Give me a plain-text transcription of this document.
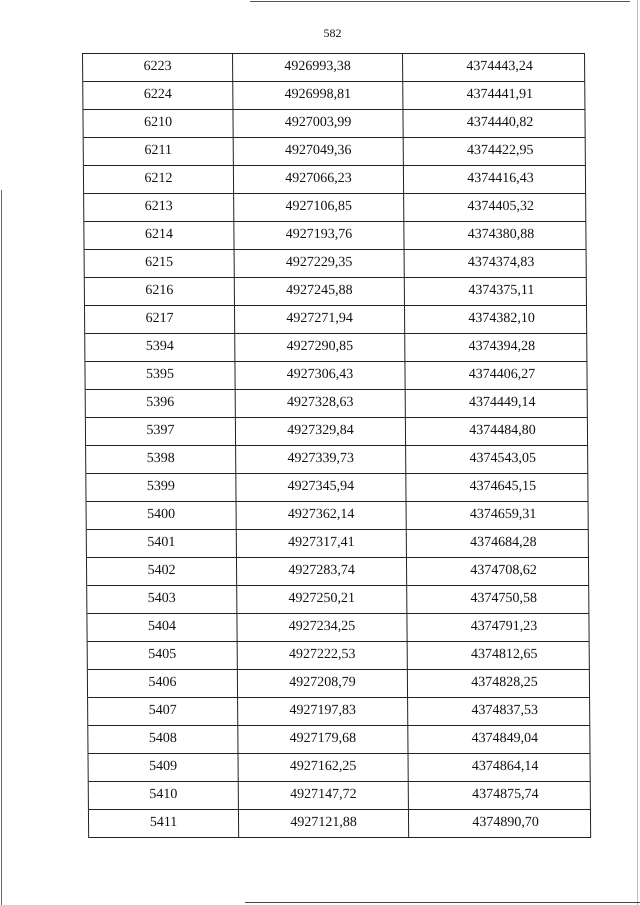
582
6223	4926993,38	4374443,24
6224	4926998,81	4374441,91
6210	4927003,99	4374440,82
6211	4927049,36	4374422,95
6212	4927066,23	4374416,43
6213	4927106,85	4374405,32
6214	4927193,76	4374380,88
6215	4927229,35	4374374,83
6216	4927245,88	4374375,11
6217	4927271,94	4374382,10
5394	4927290,85	4374394,28
5395	4927306,43	4374406,27
5396	4927328,63	4374449,14
5397	4927329,84	4374484,80
5398	4927339,73	4374543,05
5399	4927345,94	4374645,15
5400	4927362,14	4374659,31
5401	4927317,41	4374684,28
5402	4927283,74	4374708,62
5403	4927250,21	4374750,58
5404	4927234,25	4374791,23
5405	4927222,53	4374812,65
5406	4927208,79	4374828,25
5407	4927197,83	4374837,53
5408	4927179,68	4374849,04
5409	4927162,25	4374864,14
5410	4927147,72	4374875,74
5411	4927121,88	4374890,70
